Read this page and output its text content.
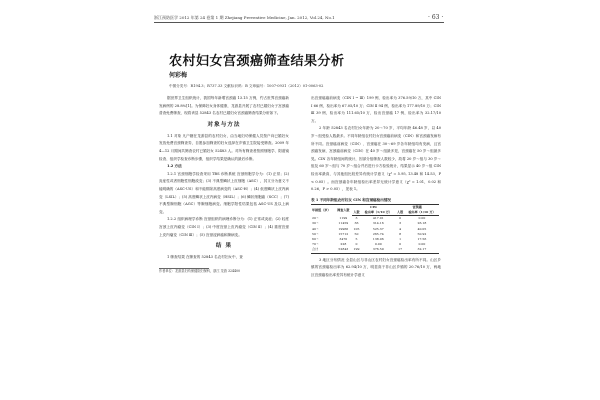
浙江预防医学 2012 年第 24 卷第 1 期 Zhejiang Preventive Medicine, Jan. 2012, Vol.24, No.1	· 63 ·
农村妇女宫颈癌筛查结果分析
何彩梅
中图分类号：R194.3；R737.33 文献标识码：B 文章编号：1007-0931（2012）01-0063-02

据世界卫生组织统计，我国每年新增宫颈癌 13.15 万例，约占世界宫颈癌新发病例的 28.8%[1]。为保障妇女身体健康，龙游县开展了农村已婚妇女子宫颈癌普查免费筛查，现将该县 52843 名农村已婚妇女宫颈癌筛查结果分析如下。

对象与方法

1.1 对象 凡户籍在龙游县的农村妇女，由当地妇幼保健人员按户向已婚妇女发放免费宫颈筛查券，自愿参加筛查的妇女选择在乡镇卫生院接受筛查。2009 年 4—12 月期间共筛查农村已婚妇女 52483 人。对所有筛查者按照细胞学、阴道镜检查、组织学检查诊断步骤，组织学结果是确认的最后诊断。

1.2 方法

1.2.1 宫颈细胞学检查采用 TBS 诊断系统 宫颈细胞学分为：(1) 正常；(2) 炎症性或者细胞性细胞改变；(3) 不典型鳞状上皮细胞（ASC），其又分为意义不能明确的（ASC-US）和不能排除高度病变的（ASC-H）；(4) 低度鳞状上皮内病变（LSIL）；(5) 高度鳞状上皮内病变（HSIL）；(6) 鳞状细胞癌（SCC）；(7) 不典型腺细胞（AGC）等腺细胞病变。细胞学阳性结果包括 ASC-US 及以上病变。

1.2.2 组织病理学诊断 宫颈组织的病理诊断分为：(1) 正常或炎症；(2) 轻度宫颈上皮内瘤变（CIN Ⅰ）；(3) 中度宫颈上皮内瘤变（CIN Ⅱ）；(4) 重度宫颈上皮内瘤变（CIN Ⅲ）；(5) 宫颈浸润癌和腺病变。

结 果

1 筛查结果 在筛查的 52843 名农村妇女中，查

作者单位：龙游县妇幼保健院妇保科，浙江 龙游 324400

出宫颈癌癌前病变（CIN Ⅰ ~ Ⅲ）199 例，检出率为 376.59/10 万，其中 CIN Ⅰ 66 例，检出率为 67.05/10 万；CIN Ⅱ 94 例，检出率为 177.89/10 万；CIN Ⅲ 39 例，检出率为 111.65/10 万，检出宫颈癌 17 例，检出率为 32.17/10 万。

2 年龄 52843 名农村妇女年龄为 20～70 岁，平均年龄 46.48 岁，以 40 岁～组受检人数最多。不同年龄组农村妇女宫颈癌前病变（CIN）和宫颈癌发病有所不同。宫颈癌前病变（CIN）、宫颈癌在 30～69 岁各年龄组均有发病，且宫颈癌发病，宫颈癌前病变（CIN）在 40 岁～组最多见，宫颈癌在 50 岁～组最多见。CIN 各年龄组间的统计，因部分组筛查人数较少，故将 20 岁～组与 30 岁～组及 60 岁～组与 70 岁～组合并后进行卡方检验统计，结果显示 40 岁～组 CIN 检出率最高，与其他组比较差异有统计学意义（χ² = 5.95, 13.48 和 14.53，P < 0.05）。而宫颈癌各年龄组检出率差异无统计学意义（χ² = 1.01，0.02 和 0.26，P > 0.05），见表 1。

表 1 不同年龄组农村妇女 CIN 和宫颈癌检出情况
年龄组（岁）	筛查人数	CIN		宫颈癌	
		人数	检出率（1/10 万）	人数	检出率（1/10 万）
20～	1199	3	417.01	0	0.00
30～	11459	36	314.16	3	26.18
40～	19966	105	525.37	4	40.05
50～	15712	50	265.74	8	50.92
60～	3470	5	138.06	1	17.56
70～	228	0	0.00	0	0.00
合计	52843	199	376.59	17	32.17

3 地区分布情况 全县山区与非山区农村妇女宫颈癌检出率有所不同。山区乡镇的宫颈癌检出率为 62.94/10 万，明显高于非山区乡镇的 20.76/10 万，两地区宫颈癌检出率差异有统计学意义
